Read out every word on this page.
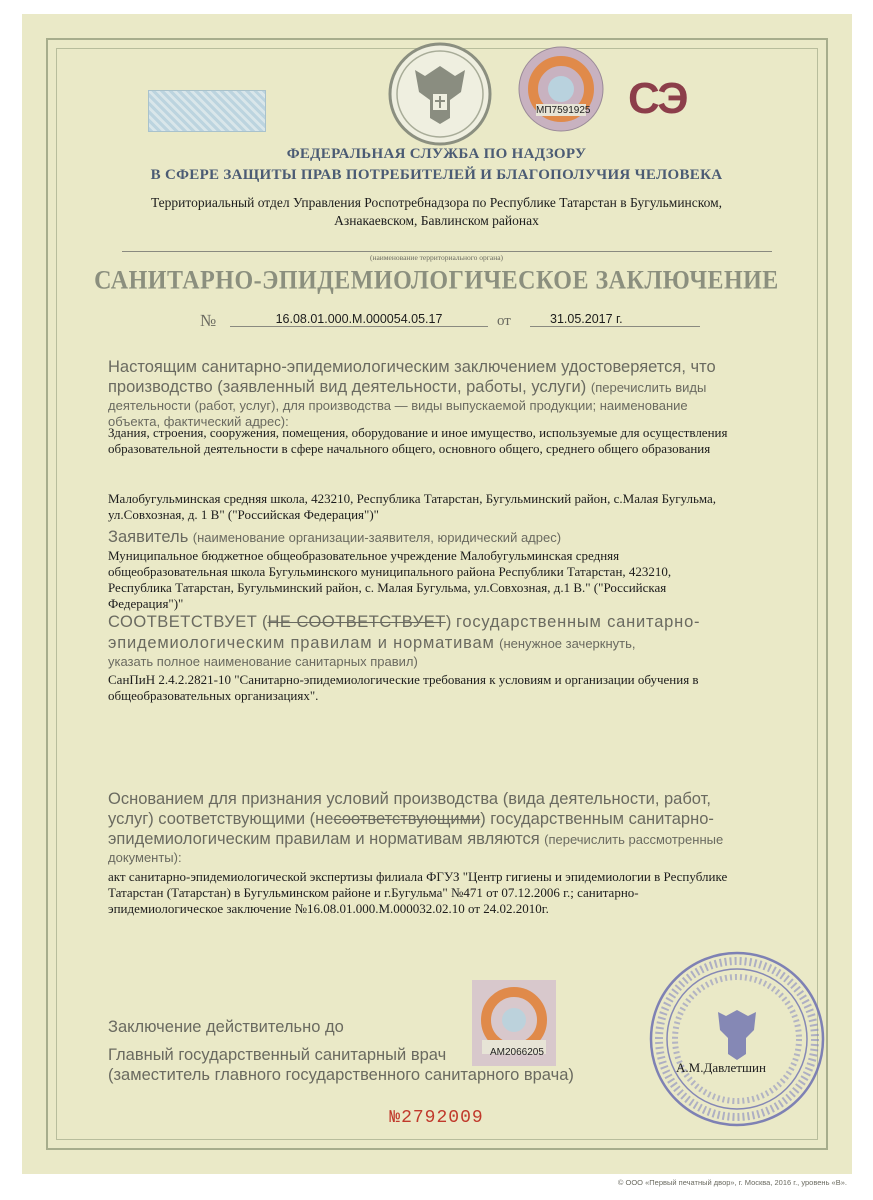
МП7591925 СЭ
ФЕДЕРАЛЬНАЯ СЛУЖБА ПО НАДЗОРУ
В СФЕРЕ ЗАЩИТЫ ПРАВ ПОТРЕБИТЕЛЕЙ И БЛАГОПОЛУЧИЯ ЧЕЛОВЕКА
Территориальный отдел Управления Роспотребнадзора по Республике Татарстан в Бугульминском,
Азнакаевском, Бавлинском районах
(наименование территориального органа)
САНИТАРНО-ЭПИДЕМИОЛОГИЧЕСКОЕ ЗАКЛЮЧЕНИЕ
№	16.08.01.000.М.000054.05.17	от	31.05.2017 г.
Настоящим санитарно-эпидемиологическим заключением удостоверяется, что
производство (заявленный вид деятельности, работы, услуги) (перечислить виды
деятельности (работ, услуг), для производства — виды выпускаемой продукции; наименование
объекта, фактический адрес):
Здания, строения, сооружения, помещения, оборудование и иное имущество, используемые для осуществления
образовательной деятельности в сфере начального общего, основного общего, среднего общего образования
Малобугульминская средняя школа, 423210, Республика Татарстан, Бугульминский район, с.Малая Бугульма,
ул.Совхозная, д. 1 В" ("Российская Федерация")"
Заявитель (наименование организации-заявителя, юридический адрес)
Муниципальное бюджетное общеобразовательное учреждение Малобугульминская средняя
общеобразовательная школа Бугульминского муниципального района Республики Татарстан, 423210,
Республика Татарстан, Бугульминский район, с. Малая Бугульма, ул.Совхозная, д.1 В." ("Российская
Федерация")"
СООТВЕТСТВУЕТ (НЕ СООТВЕТСТВУЕТ) государственным санитарно-
эпидемиологическим правилам и нормативам (ненужное зачеркнуть,
указать полное наименование санитарных правил)
СанПиН 2.4.2.2821-10 "Санитарно-эпидемиологические требования к условиям и организации обучения в
общеобразовательных организациях".
Основанием для признания условий производства (вида деятельности, работ,
услуг) соответствующими (несоответствующими) государственным санитарно-
эпидемиологическим правилам и нормативам являются (перечислить рассмотренные
документы):
акт санитарно-эпидемиологической экспертизы филиала ФГУЗ "Центр гигиены и эпидемиологии в Республике
Татарстан (Татарстан) в Бугульминском районе и г.Бугульма" №471 от 07.12.2006 г.; санитарно-
эпидемиологическое заключение №16.08.01.000.М.000032.02.10 от 24.02.2010г.
АМ2066205
Заключение действительно до
Главный государственный санитарный врач
(заместитель главного государственного санитарного врача)	А.М.Давлетшин
№2792009
© ООО «Первый печатный двор», г. Москва, 2016 г., уровень «В».
